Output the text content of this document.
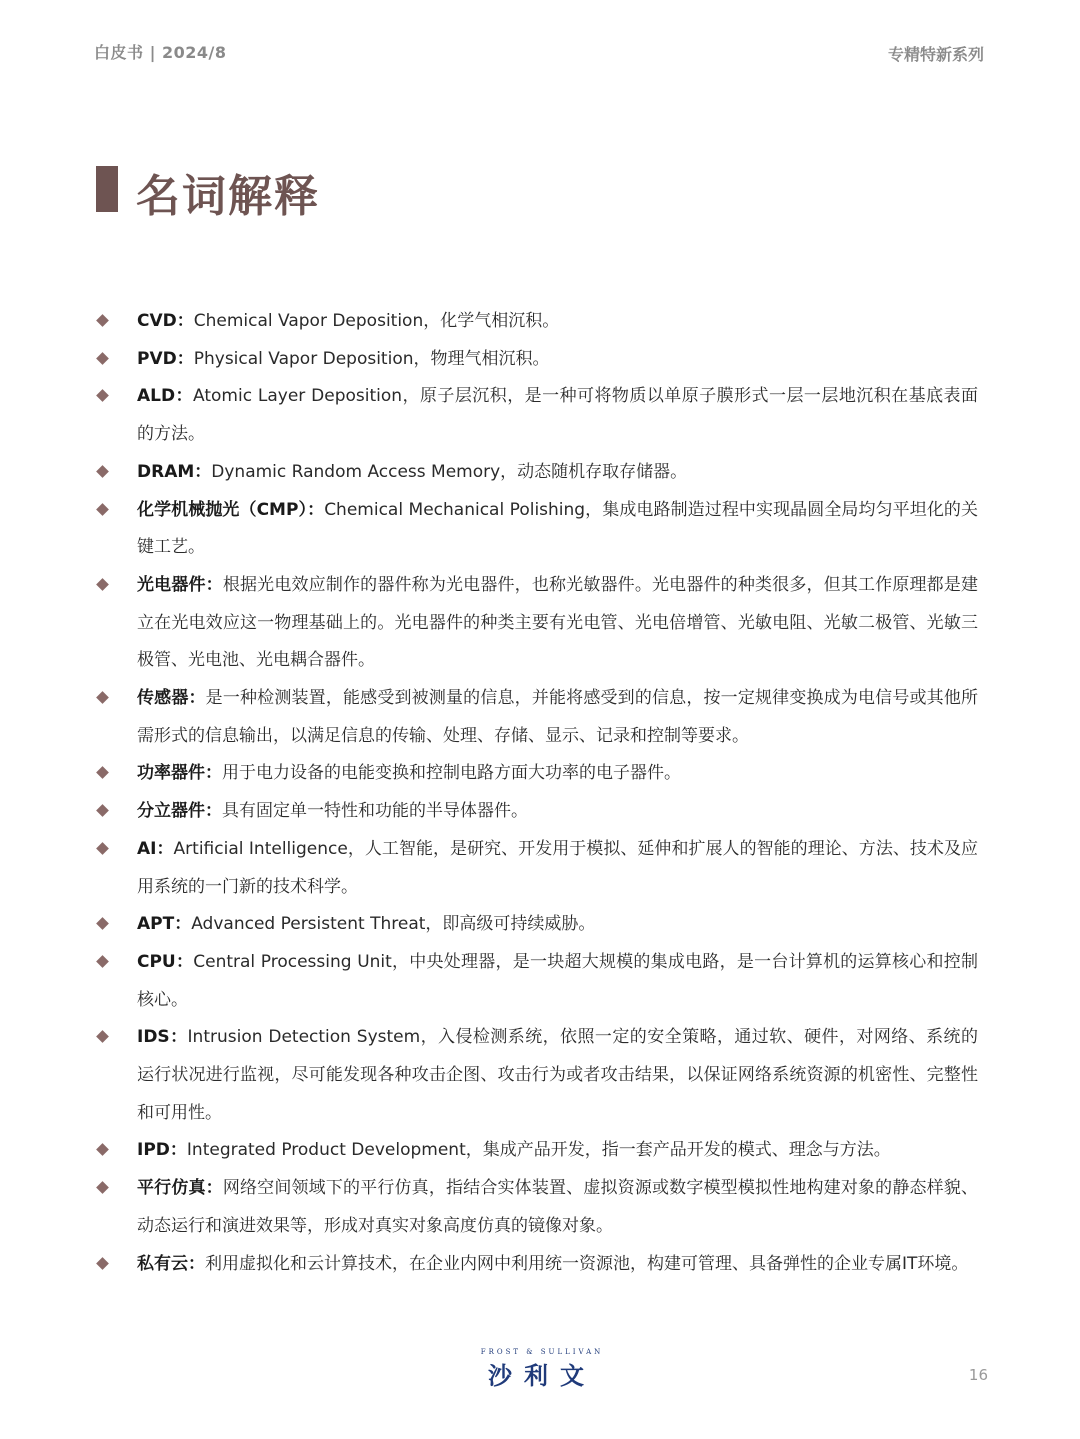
白皮书 | 2024/8	专精特新系列
名词解释
CVD：Chemical Vapor Deposition，化学气相沉积。
PVD：Physical Vapor Deposition，物理气相沉积。
ALD：Atomic Layer Deposition，原子层沉积，是一种可将物质以单原子膜形式一层一层地沉积在基底表面的方法。
DRAM：Dynamic Random Access Memory，动态随机存取存储器。
化学机械抛光（CMP）：Chemical Mechanical Polishing，集成电路制造过程中实现晶圆全局均匀平坦化的关键工艺。
光电器件：根据光电效应制作的器件称为光电器件，也称光敏器件。光电器件的种类很多，但其工作原理都是建立在光电效应这一物理基础上的。光电器件的种类主要有光电管、光电倍增管、光敏电阻、光敏二极管、光敏三极管、光电池、光电耦合器件。
传感器：是一种检测装置，能感受到被测量的信息，并能将感受到的信息，按一定规律变换成为电信号或其他所需形式的信息输出，以满足信息的传输、处理、存储、显示、记录和控制等要求。
功率器件：用于电力设备的电能变换和控制电路方面大功率的电子器件。
分立器件：具有固定单一特性和功能的半导体器件。
AI：Artificial Intelligence，人工智能，是研究、开发用于模拟、延伸和扩展人的智能的理论、方法、技术及应用系统的一门新的技术科学。
APT：Advanced Persistent Threat，即高级可持续威胁。
CPU：Central Processing Unit，中央处理器，是一块超大规模的集成电路，是一台计算机的运算核心和控制核心。
IDS：Intrusion Detection System，入侵检测系统，依照一定的安全策略，通过软、硬件，对网络、系统的运行状况进行监视，尽可能发现各种攻击企图、攻击行为或者攻击结果，以保证网络系统资源的机密性、完整性和可用性。
IPD：Integrated Product Development，集成产品开发，指一套产品开发的模式、理念与方法。
平行仿真：网络空间领域下的平行仿真，指结合实体装置、虚拟资源或数字模型模拟性地构建对象的静态样貌、动态运行和演进效果等，形成对真实对象高度仿真的镜像对象。
私有云：利用虚拟化和云计算技术，在企业内网中利用统一资源池，构建可管理、具备弹性的企业专属IT环境。
FROST & SULLIVAN
沙利文	16
